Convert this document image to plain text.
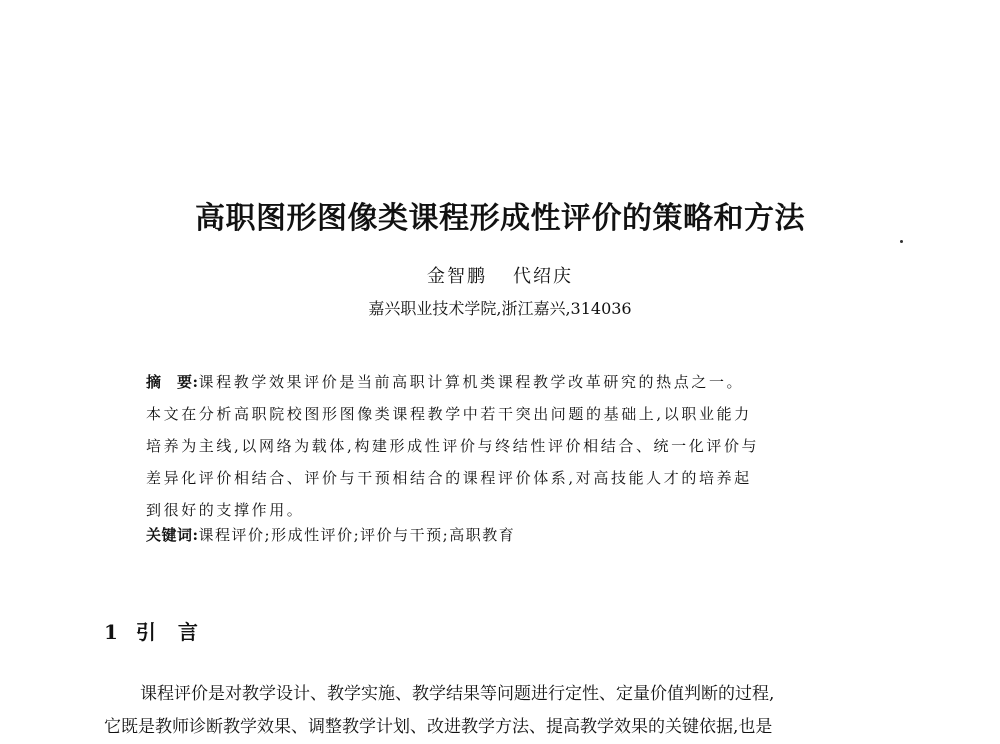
高职图形图像类课程形成性评价的策略和方法
金智鹏 代绍庆
嘉兴职业技术学院,浙江嘉兴,314036
摘　要:课程教学效果评价是当前高职计算机类课程教学改革研究的热点之一。
本文在分析高职院校图形图像类课程教学中若干突出问题的基础上,以职业能力
培养为主线,以网络为载体,构建形成性评价与终结性评价相结合、统一化评价与
差异化评价相结合、评价与干预相结合的课程评价体系,对高技能人才的培养起
到很好的支撑作用。
关键词:课程评价;形成性评价;评价与干预;高职教育
1 引言
课程评价是对教学设计、教学实施、教学结果等问题进行定性、定量价值判断的过程,
它既是教师诊断教学效果、调整教学计划、改进教学方法、提高教学效果的关键依据,也是
